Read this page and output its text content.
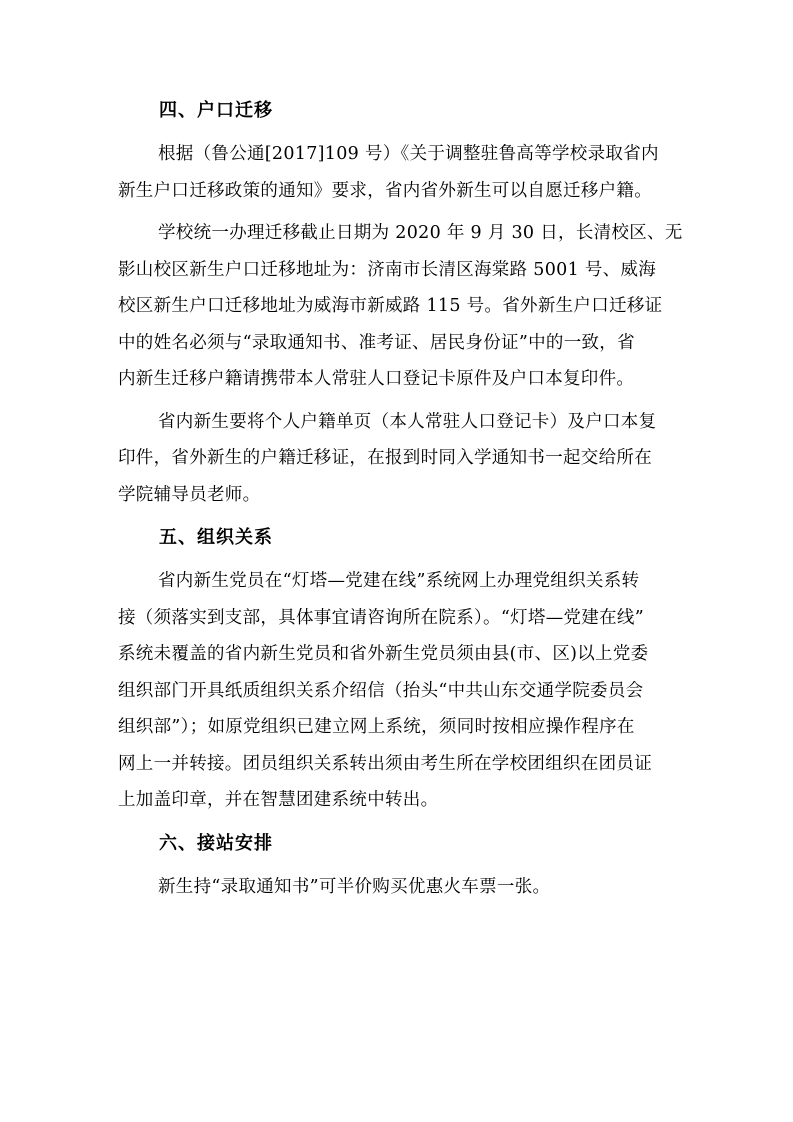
四、户口迁移

根据（鲁公通[2017]109 号）《关于调整驻鲁高等学校录取省内
新生户口迁移政策的通知》要求，省内省外新生可以自愿迁移户籍。

学校统一办理迁移截止日期为 2020 年 9 月 30 日，长清校区、无
影山校区新生户口迁移地址为：济南市长清区海棠路 5001 号、威海
校区新生户口迁移地址为威海市新威路 115 号。省外新生户口迁移证
中的姓名必须与“录取通知书、准考证、居民身份证”中的一致，省
内新生迁移户籍请携带本人常驻人口登记卡原件及户口本复印件。

省内新生要将个人户籍单页（本人常驻人口登记卡）及户口本复
印件，省外新生的户籍迁移证，在报到时同入学通知书一起交给所在
学院辅导员老师。

五、组织关系

省内新生党员在“灯塔—党建在线”系统网上办理党组织关系转
接（须落实到支部，具体事宜请咨询所在院系）。“灯塔—党建在线”
系统未覆盖的省内新生党员和省外新生党员须由县(市、区)以上党委
组织部门开具纸质组织关系介绍信（抬头“中共山东交通学院委员会
组织部”）；如原党组织已建立网上系统，须同时按相应操作程序在
网上一并转接。团员组织关系转出须由考生所在学校团组织在团员证
上加盖印章，并在智慧团建系统中转出。

六、接站安排

新生持“录取通知书”可半价购买优惠火车票一张。
